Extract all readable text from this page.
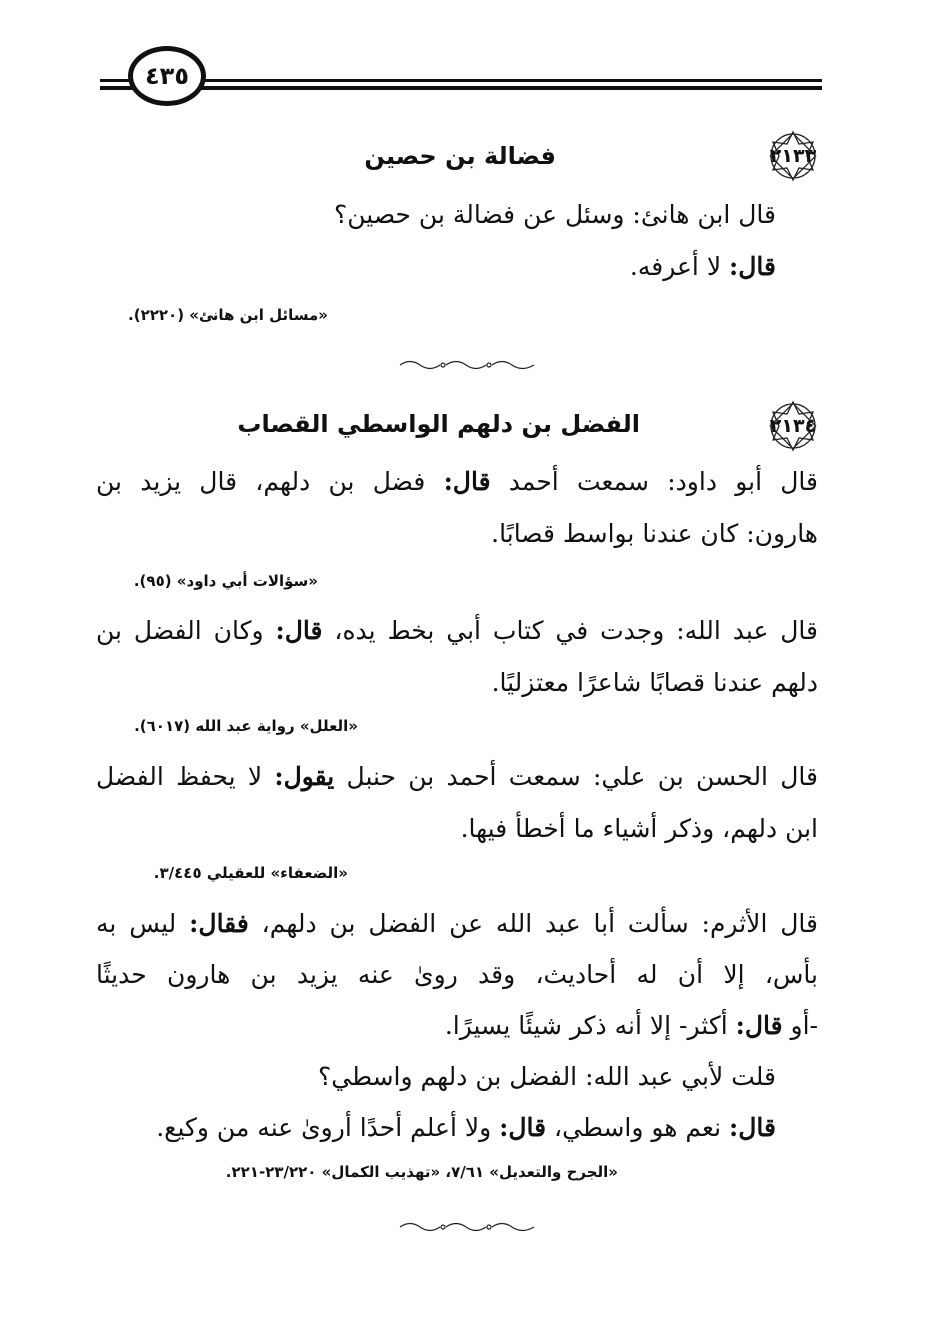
٤٣٥
٢١٣٣
فضالة بن حصين
قال ابن هانئ: وسئل عن فضالة بن حصين؟
قال: لا أعرفه.
«مسائل ابن هانئ» (٢٢٢٠).
٢١٣٤
الفضل بن دلهم الواسطي القصاب
قال أبو داود: سمعت أحمد قال: فضل بن دلهم، قال يزيد بن
هارون: كان عندنا بواسط قصابًا.
«سؤالات أبي داود» (٩٥).
قال عبد الله: وجدت في كتاب أبي بخط يده، قال: وكان الفضل بن
دلهم عندنا قصابًا شاعرًا معتزليًا.
«العلل» رواية عبد الله (٦٠١٧).
قال الحسن بن علي: سمعت أحمد بن حنبل يقول: لا يحفظ الفضل
ابن دلهم، وذكر أشياء ما أخطأ فيها.
«الضعفاء» للعقيلي ٣/٤٤٥.
قال الأثرم: سألت أبا عبد الله عن الفضل بن دلهم، فقال: ليس به
بأس، إلا أن له أحاديث، وقد روىٰ عنه يزيد بن هارون حديثًا
-أو قال: أكثر- إلا أنه ذكر شيئًا يسيرًا.
قلت لأبي عبد الله: الفضل بن دلهم واسطي؟
قال: نعم هو واسطي، قال: ولا أعلم أحدًا أروىٰ عنه من وكيع.
«الجرح والتعديل» ٧/٦١، «تهذيب الكمال» ٢٣/٢٢٠-٢٢١.
